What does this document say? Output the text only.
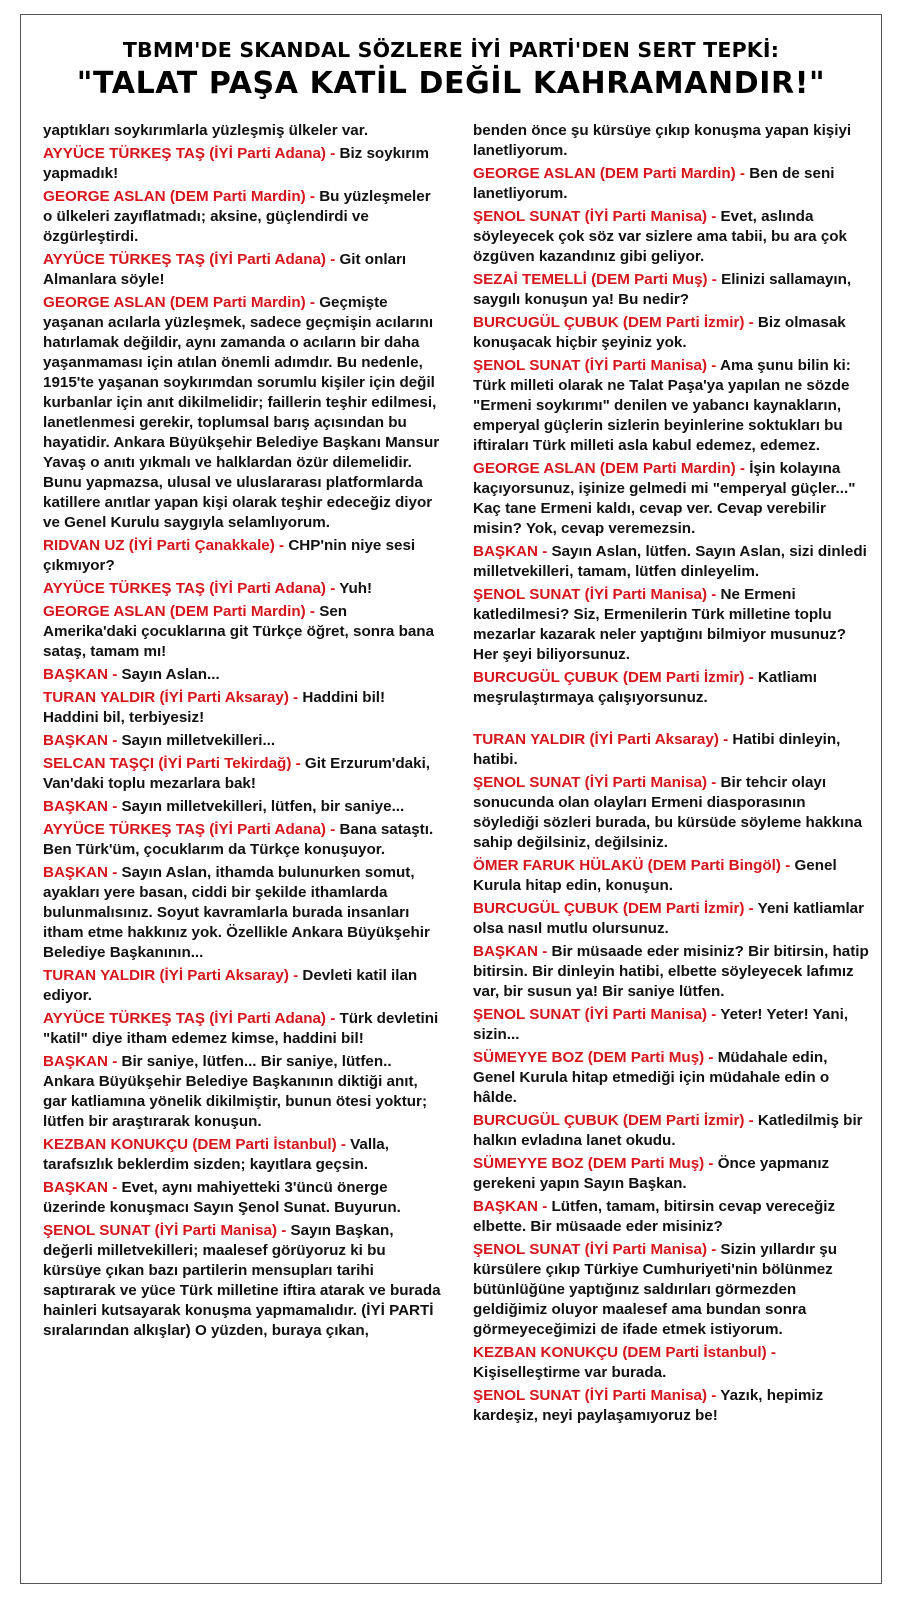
TBMM'DE SKANDAL SÖZLERE İYİ PARTİ'DEN SERT TEPKİ:
"TALAT PAŞA KATİL DEĞİL KAHRAMANDIR!"

yaptıkları soykırımlarla yüzleşmiş ülkeler var.

AYYÜCE TÜRKEŞ TAŞ (İYİ Parti Adana) - Biz soykırım yapmadık!

GEORGE ASLAN (DEM Parti Mardin) - Bu yüzleşmeler o ülkeleri zayıflatmadı; aksine, güçlendirdi ve özgürleştirdi.

AYYÜCE TÜRKEŞ TAŞ (İYİ Parti Adana) - Git onları Almanlara söyle!

GEORGE ASLAN (DEM Parti Mardin) - Geçmişte yaşanan acılarla yüzleşmek, sadece geçmişin acılarını hatırlamak değildir, aynı zamanda o acıların bir daha yaşanmaması için atılan önemli adımdır. Bu nedenle, 1915'te yaşanan soykırımdan sorumlu kişiler için değil kurbanlar için anıt dikilmelidir; faillerin teşhir edilmesi, lanetlenmesi gerekir, toplumsal barış açısından bu hayatidir. Ankara Büyükşehir Belediye Başkanı Mansur Yavaş o anıtı yıkmalı ve halklardan özür dilemelidir. Bunu yapmazsa, ulusal ve uluslararası platformlarda katillere anıtlar yapan kişi olarak teşhir edeceğiz diyor ve Genel Kurulu saygıyla selamlıyorum.

RIDVAN UZ (İYİ Parti Çanakkale) - CHP'nin niye sesi çıkmıyor?

AYYÜCE TÜRKEŞ TAŞ (İYİ Parti Adana) - Yuh!

GEORGE ASLAN (DEM Parti Mardin) - Sen Amerika'daki çocuklarına git Türkçe öğret, sonra bana sataş, tamam mı!

BAŞKAN - Sayın Aslan...

TURAN YALDIR (İYİ Parti Aksaray) - Haddini bil! Haddini bil, terbiyesiz!

BAŞKAN - Sayın milletvekilleri...

SELCAN TAŞÇI (İYİ Parti Tekirdağ) - Git Erzurum'daki, Van'daki toplu mezarlara bak!

BAŞKAN - Sayın milletvekilleri, lütfen, bir saniye...

AYYÜCE TÜRKEŞ TAŞ (İYİ Parti Adana) - Bana sataştı. Ben Türk'üm, çocuklarım da Türkçe konuşuyor.

BAŞKAN - Sayın Aslan, ithamda bulunurken somut, ayakları yere basan, ciddi bir şekilde ithamlarda bulunmalısınız. Soyut kavramlarla burada insanları itham etme hakkınız yok. Özellikle Ankara Büyükşehir Belediye Başkanının...

TURAN YALDIR (İYİ Parti Aksaray) - Devleti katil ilan ediyor.

AYYÜCE TÜRKEŞ TAŞ (İYİ Parti Adana) - Türk devletini "katil" diye itham edemez kimse, haddini bil!

BAŞKAN - Bir saniye, lütfen... Bir saniye, lütfen.. Ankara Büyükşehir Belediye Başkanının diktiği anıt, gar katliamına yönelik dikilmiştir, bunun ötesi yoktur; lütfen bir araştırarak konuşun.

KEZBAN KONUKÇU (DEM Parti İstanbul) - Valla, tarafsızlık beklerdim sizden; kayıtlara geçsin.

BAŞKAN - Evet, aynı mahiyetteki 3'üncü önerge üzerinde konuşmacı Sayın Şenol Sunat. Buyurun.

ŞENOL SUNAT (İYİ Parti Manisa) - Sayın Başkan, değerli milletvekilleri; maalesef görüyoruz ki bu kürsüye çıkan bazı partilerin mensupları tarihi saptırarak ve yüce Türk milletine iftira atarak ve burada hainleri kutsayarak konuşma yapmamalıdır. (İYİ PARTİ sıralarından alkışlar) O yüzden, buraya çıkan,

benden önce şu kürsüye çıkıp konuşma yapan kişiyi lanetliyorum.

GEORGE ASLAN (DEM Parti Mardin) - Ben de seni lanetliyorum.

ŞENOL SUNAT (İYİ Parti Manisa) - Evet, aslında söyleyecek çok söz var sizlere ama tabii, bu ara çok özgüven kazandınız gibi geliyor.

SEZAİ TEMELLİ (DEM Parti Muş) - Elinizi sallamayın, saygılı konuşun ya! Bu nedir?

BURCUGÜL ÇUBUK (DEM Parti İzmir) - Biz olmasak konuşacak hiçbir şeyiniz yok.

ŞENOL SUNAT (İYİ Parti Manisa) - Ama şunu bilin ki: Türk milleti olarak ne Talat Paşa'ya yapılan ne sözde "Ermeni soykırımı" denilen ve yabancı kaynakların, emperyal güçlerin sizlerin beyinlerine soktukları bu iftiraları Türk milleti asla kabul edemez, edemez.

GEORGE ASLAN (DEM Parti Mardin) - İşin kolayına kaçıyorsunuz, işinize gelmedi mi "emperyal güçler..." Kaç tane Ermeni kaldı, cevap ver. Cevap verebilir misin? Yok, cevap veremezsin.

BAŞKAN - Sayın Aslan, lütfen. Sayın Aslan, sizi dinledi milletvekilleri, tamam, lütfen dinleyelim.

ŞENOL SUNAT (İYİ Parti Manisa) - Ne Ermeni katledilmesi? Siz, Ermenilerin Türk milletine toplu mezarlar kazarak neler yaptığını bilmiyor musunuz? Her şeyi biliyorsunuz.

BURCUGÜL ÇUBUK (DEM Parti İzmir) - Katliamı meşrulaştırmaya çalışıyorsunuz.

TURAN YALDIR (İYİ Parti Aksaray) - Hatibi dinleyin, hatibi.

ŞENOL SUNAT (İYİ Parti Manisa) - Bir tehcir olayı sonucunda olan olayları Ermeni diasporasının söylediği sözleri burada, bu kürsüde söyleme hakkına sahip değilsiniz, değilsiniz.

ÖMER FARUK HÜLAKÜ (DEM Parti Bingöl) - Genel Kurula hitap edin, konuşun.

BURCUGÜL ÇUBUK (DEM Parti İzmir) - Yeni katliamlar olsa nasıl mutlu olursunuz.

BAŞKAN - Bir müsaade eder misiniz? Bir bitirsin, hatip bitirsin. Bir dinleyin hatibi, elbette söyleyecek lafımız var, bir susun ya! Bir saniye lütfen.

ŞENOL SUNAT (İYİ Parti Manisa) - Yeter! Yeter! Yani, sizin...

SÜMEYYE BOZ (DEM Parti Muş) - Müdahale edin, Genel Kurula hitap etmediği için müdahale edin o hâlde.

BURCUGÜL ÇUBUK (DEM Parti İzmir) - Katledilmiş bir halkın evladına lanet okudu.

SÜMEYYE BOZ (DEM Parti Muş) - Önce yapmanız gerekeni yapın Sayın Başkan.

BAŞKAN - Lütfen, tamam, bitirsin cevap vereceğiz elbette. Bir müsaade eder misiniz?

ŞENOL SUNAT (İYİ Parti Manisa) - Sizin yıllardır şu kürsülere çıkıp Türkiye Cumhuriyeti'nin bölünmez bütünlüğüne yaptığınız saldırıları görmezden geldiğimiz oluyor maalesef ama bundan sonra görmeyeceğimizi de ifade etmek istiyorum.

KEZBAN KONUKÇU (DEM Parti İstanbul) - Kişiselleştirme var burada.

ŞENOL SUNAT (İYİ Parti Manisa) - Yazık, hepimiz kardeşiz, neyi paylaşamıyoruz be!
